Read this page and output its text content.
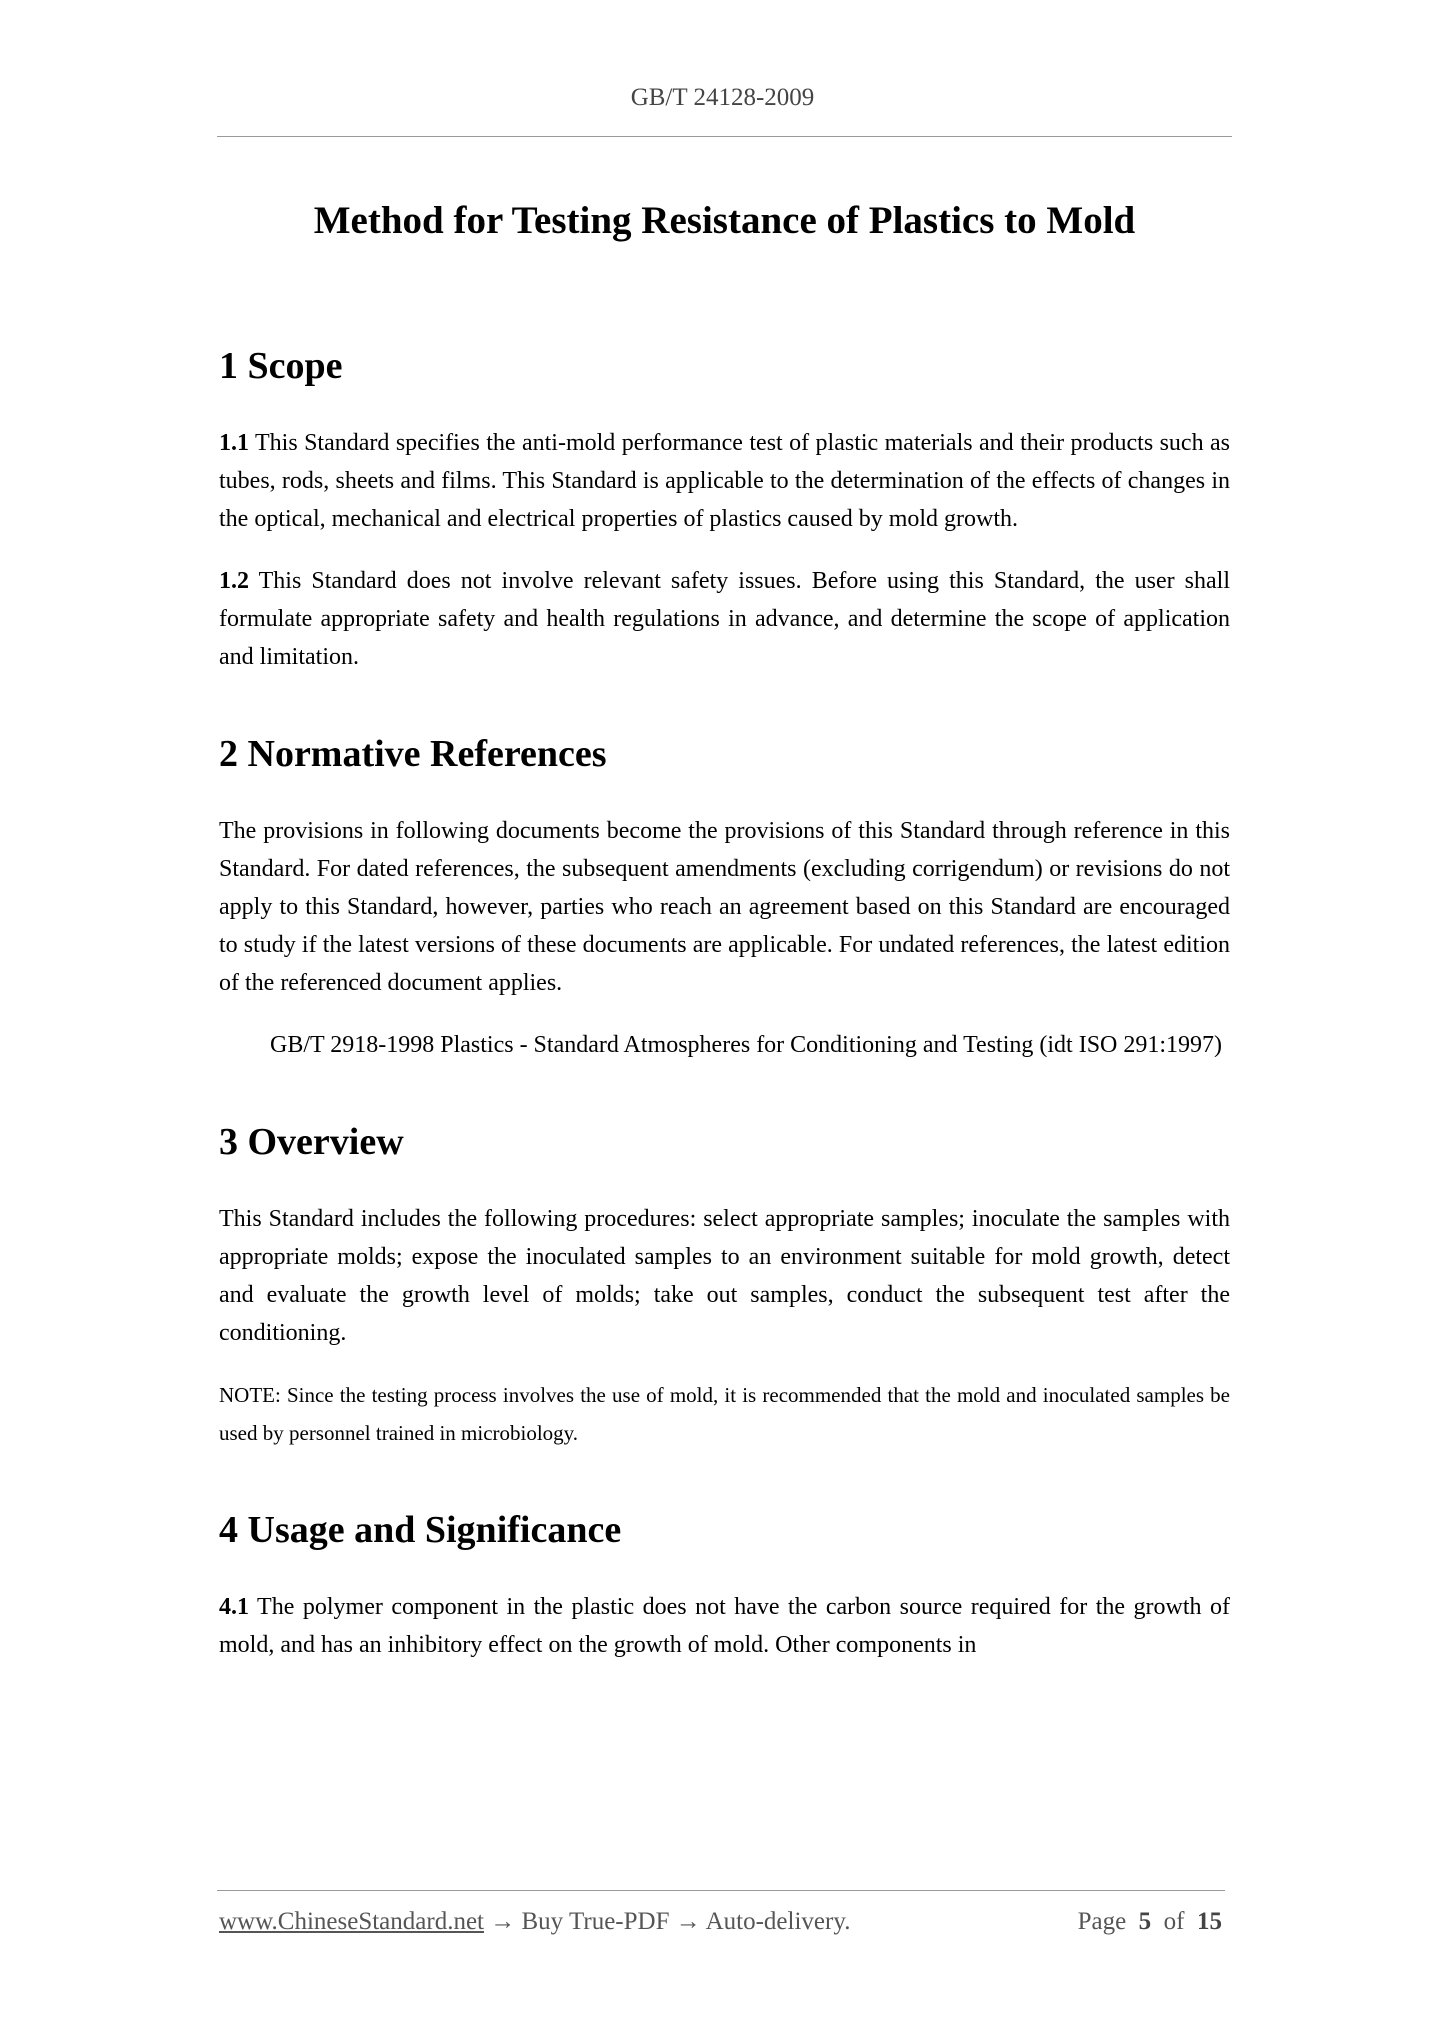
GB/T 24128-2009
Method for Testing Resistance of Plastics to Mold
1 Scope

1.1 This Standard specifies the anti-mold performance test of plastic materials and their products such as tubes, rods, sheets and films. This Standard is applicable to the determination of the effects of changes in the optical, mechanical and electrical properties of plastics caused by mold growth.

1.2 This Standard does not involve relevant safety issues. Before using this Standard, the user shall formulate appropriate safety and health regulations in advance, and determine the scope of application and limitation.

2 Normative References

The provisions in following documents become the provisions of this Standard through reference in this Standard. For dated references, the subsequent amendments (excluding corrigendum) or revisions do not apply to this Standard, however, parties who reach an agreement based on this Standard are encouraged to study if the latest versions of these documents are applicable. For undated references, the latest edition of the referenced document applies.

GB/T 2918-1998 Plastics - Standard Atmospheres for Conditioning and Testing (idt ISO 291:1997)

3 Overview

This Standard includes the following procedures: select appropriate samples; inoculate the samples with appropriate molds; expose the inoculated samples to an environment suitable for mold growth, detect and evaluate the growth level of molds; take out samples, conduct the subsequent test after the conditioning.

NOTE: Since the testing process involves the use of mold, it is recommended that the mold and inoculated samples be used by personnel trained in microbiology.

4 Usage and Significance

4.1 The polymer component in the plastic does not have the carbon source required for the growth of mold, and has an inhibitory effect on the growth of mold. Other components in

www.ChineseStandard.net → Buy True-PDF → Auto-delivery.	Page 5 of 15
